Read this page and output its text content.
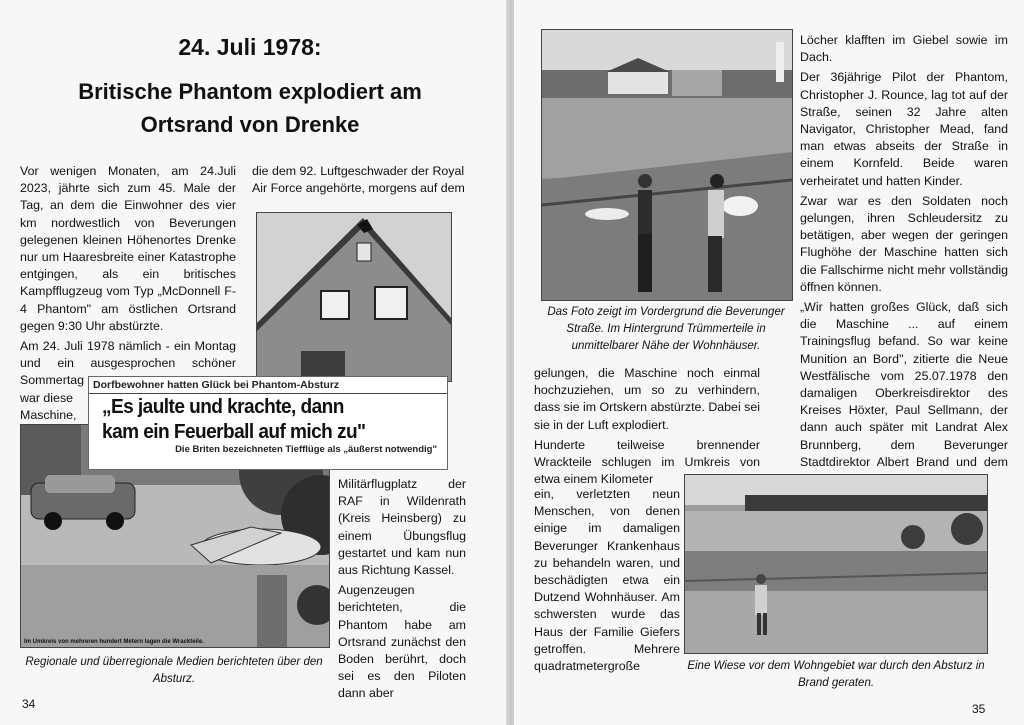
24. Juli 1978:
Britische Phantom explodiert am
Ortsrand von Drenke

Vor wenigen Monaten, am 24.Juli 2023, jährte sich zum 45. Male der Tag, an dem die Einwohner des vier km nordwestlich von Beverungen gelegenen kleinen Höhenortes Drenke nur um Haaresbreite einer Katastrophe entgingen, als ein britisches Kampfflugzeug vom Typ „McDonnell F-4 Phantom" am östlichen Ortsrand gegen 9:30 Uhr abstürzte.

Am 24. Juli 1978 nämlich - ein Montag und ein ausgesprochen schöner Sommertag

war diese

Maschine,

die dem 92. Luftgeschwader der Royal Air Force angehörte, morgens auf dem

Im Umkreis von mehreren hundert Metern lagen die Wrackteile.
Dorfbewohner hatten Glück bei Phantom-Absturz
„Es jaulte und krachte, dann
kam ein Feuerball auf mich zu"
Die Briten bezeichneten Tiefflüge als „äußerst notwendig"

Militärflugplatz der RAF in Wildenrath (Kreis Heinsberg) zu einem Übungsflug gestartet und kam nun aus Richtung Kassel.

Augenzeugen berichteten, die Phantom habe am Ortsrand zunächst den Boden berührt, doch sei es den Piloten dann aber

Regionale und überregionale Medien berichteten über den Absturz.
34
Das Foto zeigt im Vordergrund die Beverunger Straße. Im Hintergrund Trümmerteile in unmittelbarer Nähe der Wohnhäuser.

Löcher klafften im Giebel sowie im Dach.

Der 36jährige Pilot der Phantom, Christopher J. Rounce, lag tot auf der Straße, seinen 32 Jahre alten Navigator, Christopher Mead, fand man etwas abseits der Straße in einem Kornfeld. Beide waren verheiratet und hatten Kinder.

Zwar war es den Soldaten noch gelungen, ihren Schleudersitz zu betätigen, aber wegen der geringen Flughöhe der Maschine hatten sich die Fallschirme nicht mehr vollständig öffnen können.

„Wir hatten großes Glück, daß sich die Maschine ... auf einem Trainingsflug befand. So war keine Munition an Bord", zitierte die Neue Westfälische vom 25.07.1978 den damaligen Oberkreisdirektor des Kreises Höxter, Paul Sellmann, der dann auch später mit Landrat Alex Brunnberg, dem Beverunger Stadtdirektor Albert Brand und dem

gelungen, die Maschine noch einmal hochzuziehen, um so zu verhindern, dass sie im Ortskern abstürzte. Dabei sei sie in der Luft explodiert.

Hunderte teilweise brennender Wrackteile schlugen im Umkreis von etwa einem Kilometer

ein, verletzten neun Menschen, von denen einige im damaligen Beverunger Krankenhaus zu behandeln waren, und beschädigten etwa ein Dutzend Wohnhäuser. Am schwersten wurde das Haus der Familie Giefers getroffen. Mehrere quadratmetergroße	Eine Wiese vor dem Wohngebiet war durch den Absturz in Brand geraten.
35
